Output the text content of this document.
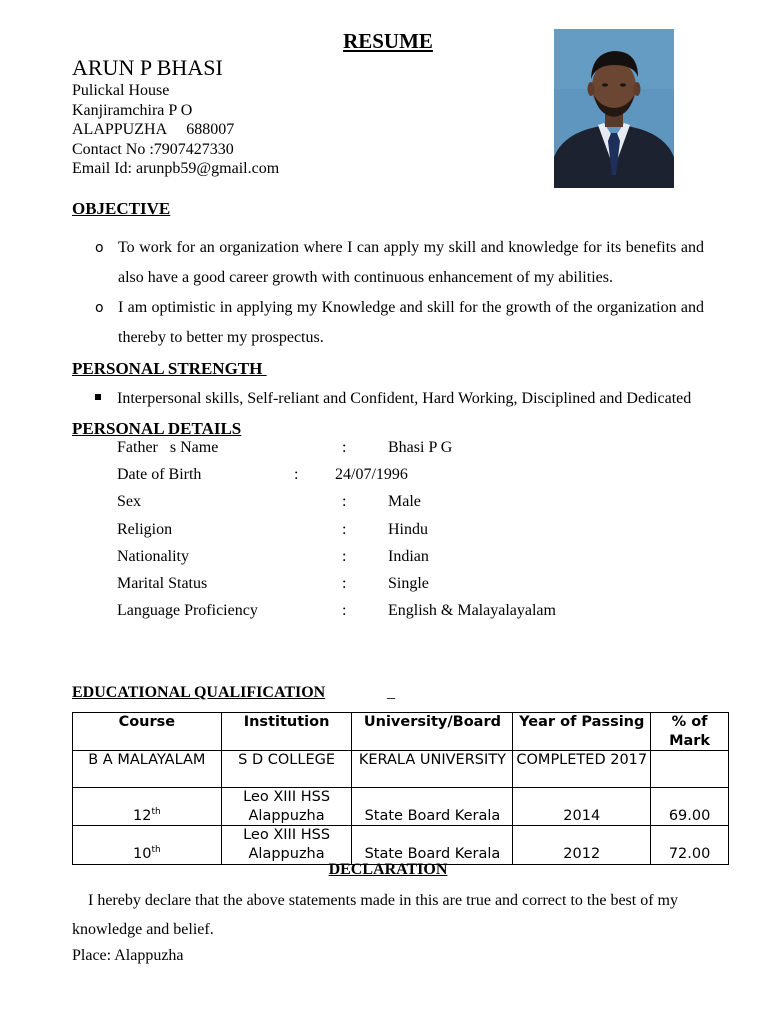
RESUME
ARUN P BHASI
Pulickal House
Kanjiramchira P O
ALAPPUZHA     688007
Contact No :7907427330
Email Id: arunpb59@gmail.com
OBJECTIVE
o To work for an organization where I can apply my skill and knowledge for its benefits and also have a good career growth with continuous enhancement of my abilities.
o I am optimistic in applying my Knowledge and skill for the growth of the organization and thereby to better my prospectus.
PERSONAL STRENGTH
Interpersonal skills, Self-reliant and Confident, Hard Working, Disciplined and Dedicated
PERSONAL DETAILS
Father   s Name	:	Bhasi P G
Date of Birth	: 24/07/1996
Sex	:	Male
Religion	:	Hindu
Nationality	:	Indian
Marital Status	:	Single
Language Proficiency	:	English & Malayalayalam
EDUCATIONAL QUALIFICATION	_
Course	Institution	University/Board	Year of Passing	% of Mark
B A MALAYALAM	S D COLLEGE	KERALA UNIVERSITY	COMPLETED 2017	
12th	Leo XIII HSS Alappuzha	State Board Kerala	2014	69.00
10th	Leo XIII HSS Alappuzha	State Board Kerala	2012	72.00
DECLARATION
I hereby declare that the above statements made in this are true and correct to the best of my knowledge and belief.
Place: Alappuzha
